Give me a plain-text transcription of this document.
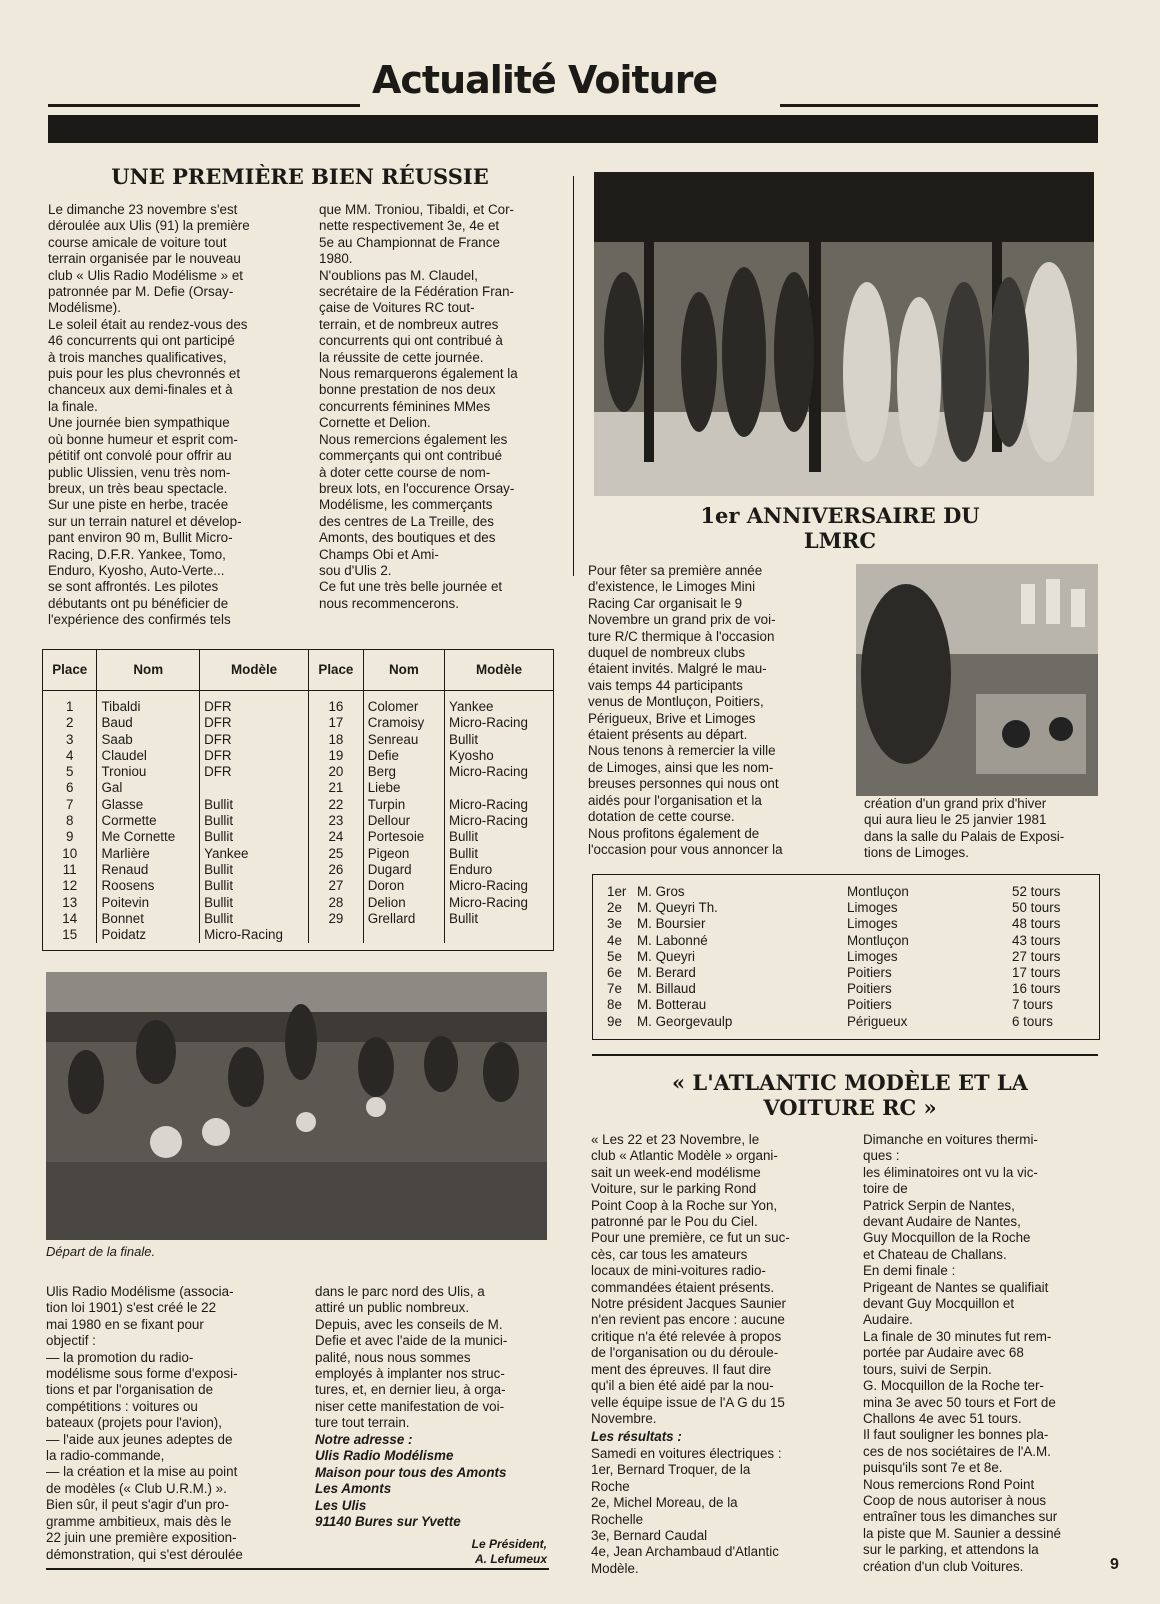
Actualité Voiture
UNE PREMIÈRE BIEN RÉUSSIE
Le dimanche 23 novembre s'est
déroulée aux Ulis (91) la première
course amicale de voiture tout
terrain organisée par le nouveau
club « Ulis Radio Modélisme » et
patronnée par M. Defie (Orsay-
Modélisme).
Le soleil était au rendez-vous des
46 concurrents qui ont participé
à trois manches qualificatives,
puis pour les plus chevronnés et
chanceux aux demi-finales et à
la finale.
Une journée bien sympathique
où bonne humeur et esprit com-
pétitif ont convolé pour offrir au
public Ulissien, venu très nom-
breux, un très beau spectacle.
Sur une piste en herbe, tracée
sur un terrain naturel et dévelop-
pant environ 90 m, Bullit Micro-
Racing, D.F.R. Yankee, Tomo,
Enduro, Kyosho, Auto-Verte...
se sont affrontés. Les pilotes
débutants ont pu bénéficier de
l'expérience des confirmés tels
que MM. Troniou, Tibaldi, et Cor-
nette respectivement 3e, 4e et
5e au Championnat de France
1980.
N'oublions pas M. Claudel,
secrétaire de la Fédération Fran-
çaise de Voitures RC tout-
terrain, et de nombreux autres
concurrents qui ont contribué à
la réussite de cette journée.
Nous remarquerons également la
bonne prestation de nos deux
concurrents féminines MMes
Cornette et Delion.
Nous remercions également les
commerçants qui ont contribué
à doter cette course de nom-
breux lots, en l'occurence Orsay-
Modélisme, les commerçants
des centres de La Treille, des
Amonts, des boutiques et des
Champs Obi et Ami-
sou d'Ulis 2.
Ce fut une très belle journée et
nous recommencerons.
Place	Nom	Modèle	Place	Nom	Modèle
1	Tibaldi	DFR	16	Colomer	Yankee
2	Baud	DFR	17	Cramoisy	Micro-Racing
3	Saab	DFR	18	Senreau	Bullit
4	Claudel	DFR	19	Defie	Kyosho
5	Troniou	DFR	20	Berg	Micro-Racing
6	Gal		21	Liebe	
7	Glasse	Bullit	22	Turpin	Micro-Racing
8	Cormette	Bullit	23	Dellour	Micro-Racing
9	Me Cornette	Bullit	24	Portesoie	Bullit
10	Marlière	Yankee	25	Pigeon	Bullit
11	Renaud	Bullit	26	Dugard	Enduro
12	Roosens	Bullit	27	Doron	Micro-Racing
13	Poitevin	Bullit	28	Delion	Micro-Racing
14	Bonnet	Bullit	29	Grellard	Bullit
15	Poidatz	Micro-Racing			
Départ de la finale.
Ulis Radio Modélisme (associa-
tion loi 1901) s'est créé le 22
mai 1980 en se fixant pour
objectif :
— la promotion du radio-
modélisme sous forme d'exposi-
tions et par l'organisation de
compétitions : voitures ou
bateaux (projets pour l'avion),
— l'aide aux jeunes adeptes de
la radio-commande,
— la création et la mise au point
de modèles (« Club U.R.M.) ».
Bien sûr, il peut s'agir d'un pro-
gramme ambitieux, mais dès le
22 juin une première exposition-
démonstration, qui s'est déroulée
dans le parc nord des Ulis, a
attiré un public nombreux.
Depuis, avec les conseils de M.
Defie et avec l'aide de la munici-
palité, nous nous sommes
employés à implanter nos struc-
tures, et, en dernier lieu, à orga-
niser cette manifestation de voi-
ture tout terrain.
Notre adresse :
Ulis Radio Modélisme
Maison pour tous des Amonts
Les Amonts
Les Ulis
91140 Bures sur Yvette
Le Président,
A. Lefumeux
1er ANNIVERSAIRE DU LMRC
Pour fêter sa première année
d'existence, le Limoges Mini
Racing Car organisait le 9
Novembre un grand prix de voi-
ture R/C thermique à l'occasion
duquel de nombreux clubs
étaient invités. Malgré le mau-
vais temps 44 participants
venus de Montluçon, Poitiers,
Périgueux, Brive et Limoges
étaient présents au départ.
Nous tenons à remercier la ville
de Limoges, ainsi que les nom-
breuses personnes qui nous ont
aidés pour l'organisation et la
dotation de cette course.
Nous profitons également de
l'occasion pour vous annoncer la
création d'un grand prix d'hiver
qui aura lieu le 25 janvier 1981
dans la salle du Palais de Exposi-
tions de Limoges.
1er	M. Gros	Montluçon	52 tours
2e	M. Queyri Th.	Limoges	50 tours
3e	M. Boursier	Limoges	48 tours
4e	M. Labonné	Montluçon	43 tours
5e	M. Queyri	Limoges	27 tours
6e	M. Berard	Poitiers	17 tours
7e	M. Billaud	Poitiers	16 tours
8e	M. Botterau	Poitiers	7 tours
9e	M. Georgevaulp	Périgueux	6 tours
« L'ATLANTIC MODÈLE ET LA VOITURE RC »
« Les 22 et 23 Novembre, le
club « Atlantic Modèle » organi-
sait un week-end modélisme
Voiture, sur le parking Rond
Point Coop à la Roche sur Yon,
patronné par le Pou du Ciel.
Pour une première, ce fut un suc-
cès, car tous les amateurs
locaux de mini-voitures radio-
commandées étaient présents.
Notre président Jacques Saunier
n'en revient pas encore : aucune
critique n'a été relevée à propos
de l'organisation ou du déroule-
ment des épreuves. Il faut dire
qu'il a bien été aidé par la nou-
velle équipe issue de l'A G du 15
Novembre.
Les résultats :
Samedi en voitures électriques :
1er, Bernard Troquer, de la
Roche
2e, Michel Moreau, de la
Rochelle
3e, Bernard Caudal
4e, Jean Archambaud d'Atlantic
Modèle.
Dimanche en voitures thermi-
ques :
les éliminatoires ont vu la vic-
toire de
Patrick Serpin de Nantes,
devant Audaire de Nantes,
Guy Mocquillon de la Roche
et Chateau de Challans.
En demi finale :
Prigeant de Nantes se qualifiait
devant Guy Mocquillon et
Audaire.
La finale de 30 minutes fut rem-
portée par Audaire avec 68
tours, suivi de Serpin.
G. Mocquillon de la Roche ter-
mina 3e avec 50 tours et Fort de
Challons 4e avec 51 tours.
Il faut souligner les bonnes pla-
ces de nos sociétaires de l'A.M.
puisqu'ils sont 7e et 8e.
Nous remercions Rond Point
Coop de nous autoriser à nous
entraîner tous les dimanches sur
la piste que M. Saunier a dessiné
sur le parking, et attendons la
création d'un club Voitures.	9
